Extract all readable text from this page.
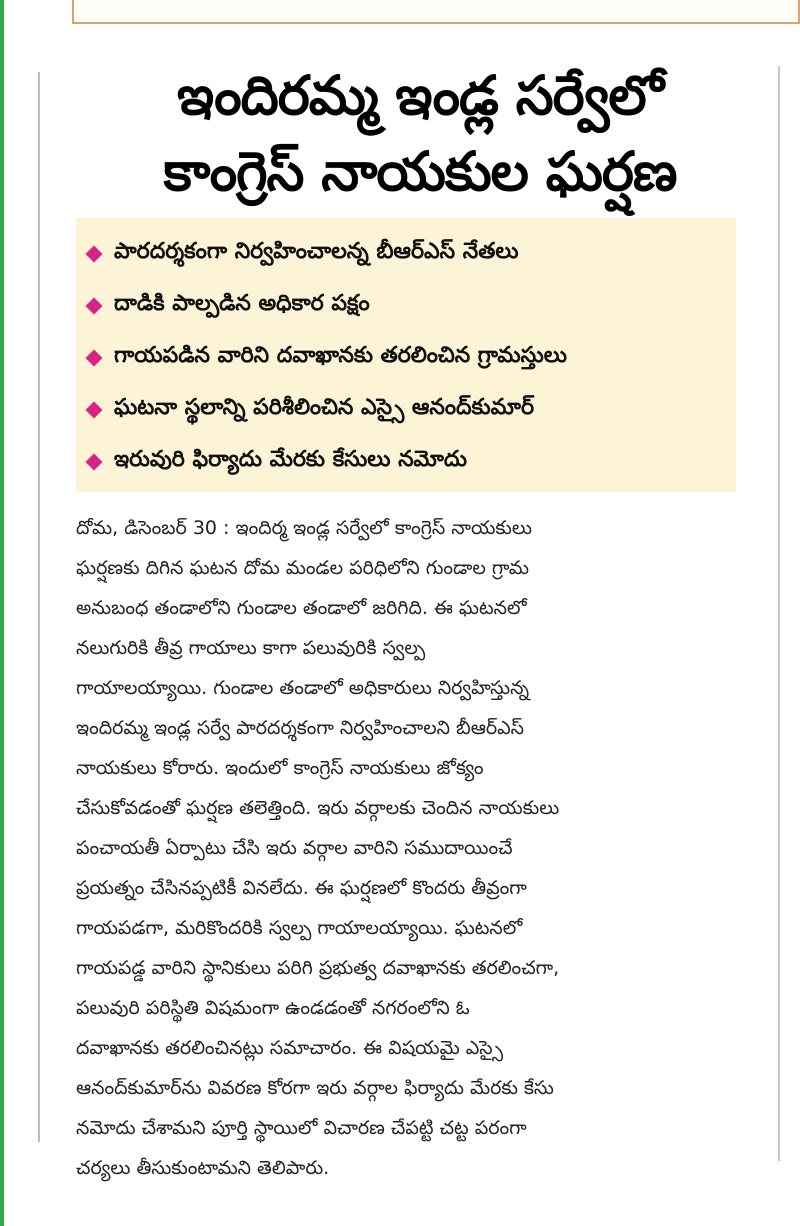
ఇందిరమ్మ ఇండ్ల సర్వేలో
కాంగ్రెస్ నాయకుల ఘర్షణ
పారదర్శకంగా నిర్వహించాలన్న బీఆర్ఎస్ నేతలు
దాడికి పాల్పడిన అధికార పక్షం
గాయపడిన వారిని దవాఖానకు తరలించిన గ్రామస్తులు
ఘటనా స్థలాన్ని పరిశీలించిన ఎస్సై ఆనంద్‌కుమార్
ఇరువురి ఫిర్యాదు మేరకు కేసులు నమోదు
దోమ, డిసెంబర్ 30 : ఇందిర్మ ఇండ్ల సర్వేలో కాంగ్రెస్ నాయకులు
ఘర్షణకు దిగిన ఘటన దోమ మండల పరిధిలోని గుండాల గ్రామ
అనుబంధ తండాలోని గుండాల తండాలో జరిగిది. ఈ ఘటనలో
నలుగురికి తీవ్ర గాయాలు కాగా పలువురికి స్వల్ప
గాయాలయ్యాయి. గుండాల తండాలో అధికారులు నిర్వహిస్తున్న
ఇందిరమ్మ ఇండ్ల సర్వే పారదర్శకంగా నిర్వహించాలని బీఆర్ఎస్
నాయకులు కోరారు. ఇందులో కాంగ్రెస్ నాయకులు జోక్యం
చేసుకోవడంతో ఘర్షణ తలెత్తింది. ఇరు వర్గాలకు చెందిన నాయకులు
పంచాయతీ ఏర్పాటు చేసి ఇరు వర్గాల వారిని సముదాయించే
ప్రయత్నం చేసినప్పటికీ వినలేదు. ఈ ఘర్షణలో కొందరు తీవ్రంగా
గాయపడగా, మరికొందరికి స్వల్ప గాయాలయ్యాయి. ఘటనలో
గాయపడ్డ వారిని స్థానికులు పరిగి ప్రభుత్వ దవాఖానకు తరలించగా,
పలువురి పరిస్థితి విషమంగా ఉండడంతో నగరంలోని ఓ
దవాఖానకు తరలించినట్లు సమాచారం. ఈ విషయమై ఎస్సై
ఆనంద్‌కుమార్‌ను వివరణ కోరగా ఇరు వర్గాల ఫిర్యాదు మేరకు కేసు
నమోదు చేశామని పూర్తి స్థాయిలో విచారణ చేపట్టి చట్ట పరంగా
చర్యలు తీసుకుంటామని తెలిపారు.
